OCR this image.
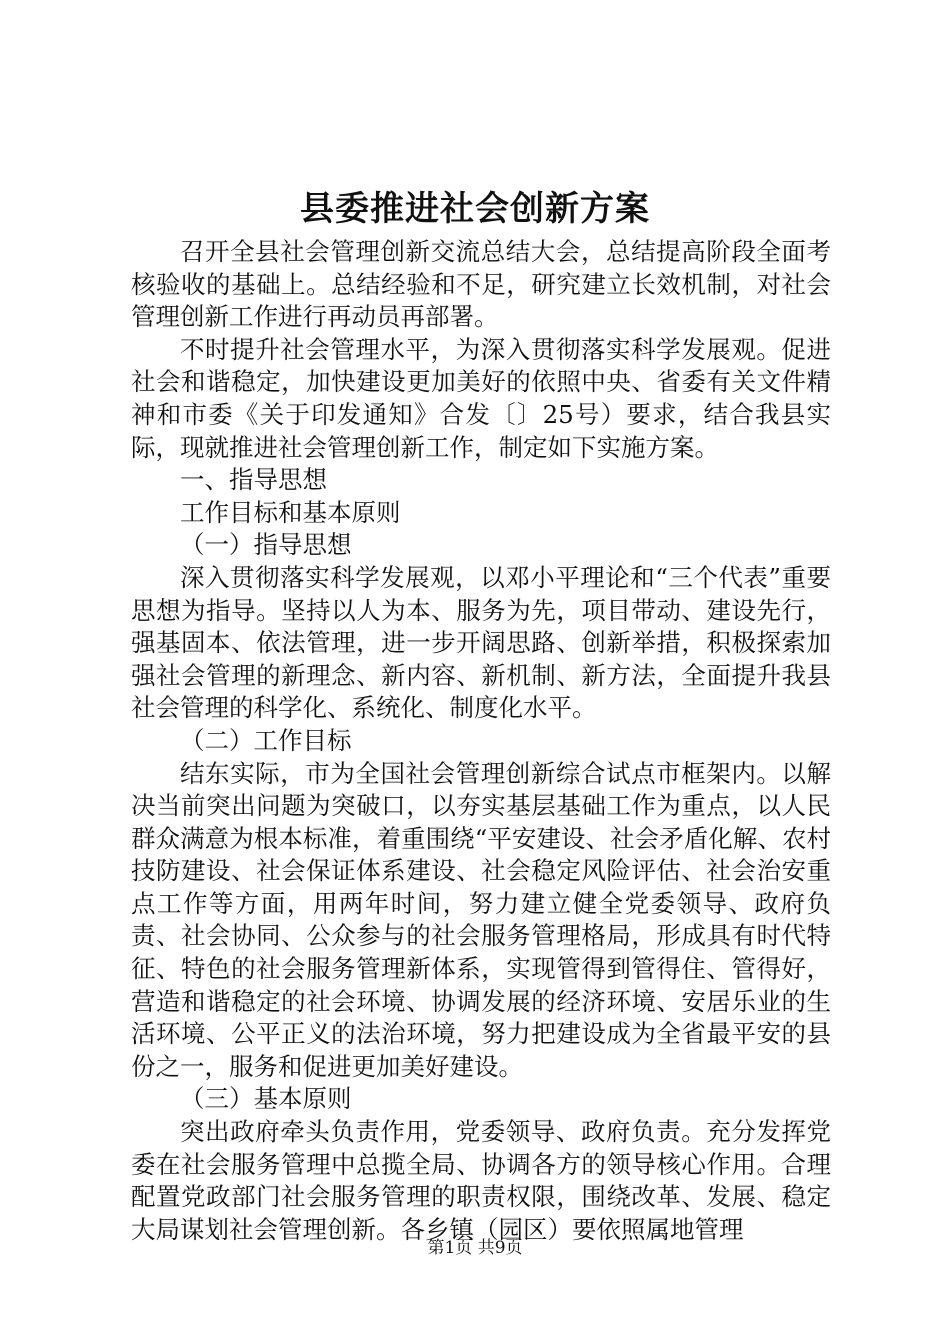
县委推进社会创新方案

召开全县社会管理创新交流总结大会，总结提高阶段全面考核验收的基础上。总结经验和不足，研究建立长效机制，对社会管理创新工作进行再动员再部署。

不时提升社会管理水平，为深入贯彻落实科学发展观。促进社会和谐稳定，加快建设更加美好的依照中央、省委有关文件精神和市委《关于印发通知》合发〔〕25号）要求，结合我县实际，现就推进社会管理创新工作，制定如下实施方案。

一、指导思想

工作目标和基本原则

（一）指导思想

深入贯彻落实科学发展观，以邓小平理论和“三个代表”重要思想为指导。坚持以人为本、服务为先，项目带动、建设先行，强基固本、依法管理，进一步开阔思路、创新举措，积极探索加强社会管理的新理念、新内容、新机制、新方法，全面提升我县社会管理的科学化、系统化、制度化水平。

（二）工作目标

结东实际，市为全国社会管理创新综合试点市框架内。以解决当前突出问题为突破口，以夯实基层基础工作为重点，以人民群众满意为根本标准，着重围绕“平安建设、社会矛盾化解、农村技防建设、社会保证体系建设、社会稳定风险评估、社会治安重点工作等方面，用两年时间，努力建立健全党委领导、政府负责、社会协同、公众参与的社会服务管理格局，形成具有时代特征、特色的社会服务管理新体系，实现管得到管得住、管得好，营造和谐稳定的社会环境、协调发展的经济环境、安居乐业的生活环境、公平正义的法治环境，努力把建设成为全省最平安的县份之一，服务和促进更加美好建设。

（三）基本原则

突出政府牵头负责作用，党委领导、政府负责。充分发挥党委在社会服务管理中总揽全局、协调各方的领导核心作用。合理配置党政部门社会服务管理的职责权限，围绕改革、发展、稳定大局谋划社会管理创新。各乡镇（园区）要依照属地管理

第1页 共9页
